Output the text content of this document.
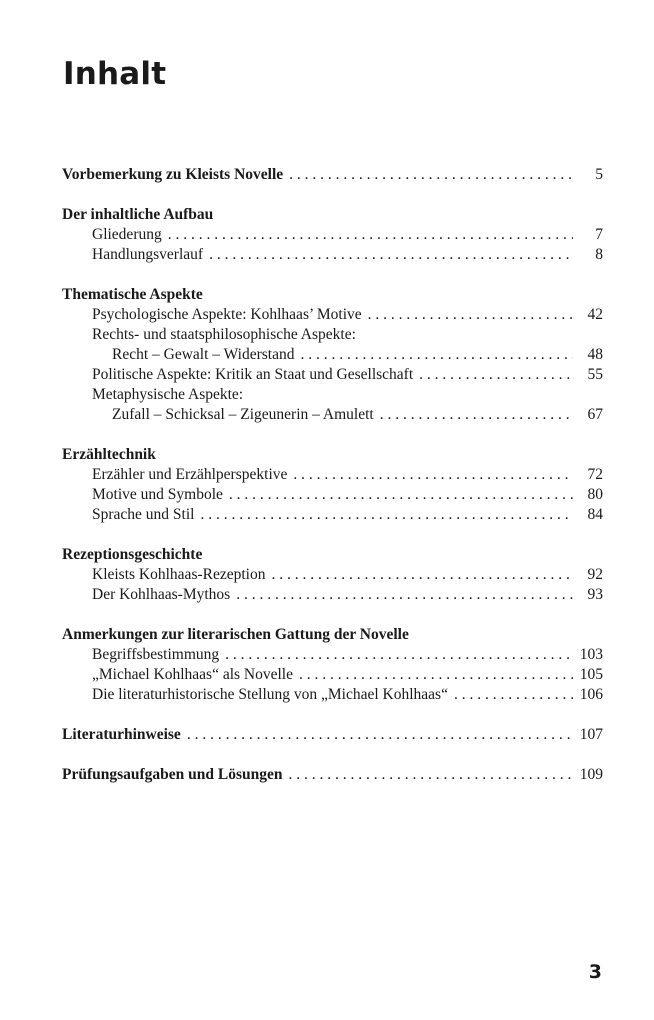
Inhalt
Vorbemerkung zu Kleists Novelle . . .	5
Der inhaltliche Aufbau
Gliederung . . .	7
Handlungsverlauf . . .	8
Thematische Aspekte
Psychologische Aspekte: Kohlhaas’ Motive . . .	42
Rechts- und staatsphilosophische Aspekte:
Recht – Gewalt – Widerstand . . .	48
Politische Aspekte: Kritik an Staat und Gesellschaft . . .	55
Metaphysische Aspekte:
Zufall – Schicksal – Zigeunerin – Amulett . . .	67
Erzähltechnik
Erzähler und Erzählperspektive . . .	72
Motive und Symbole . . .	80
Sprache und Stil . . .	84
Rezeptionsgeschichte
Kleists Kohlhaas-Rezeption . . .	92
Der Kohlhaas-Mythos . . .	93
Anmerkungen zur literarischen Gattung der Novelle
Begriffsbestimmung . . .	103
„Michael Kohlhaas“ als Novelle . . .	105
Die literaturhistorische Stellung von „Michael Kohlhaas“ . . .	106
Literaturhinweise . . .	107
Prüfungsaufgaben und Lösungen . . .	109
3
